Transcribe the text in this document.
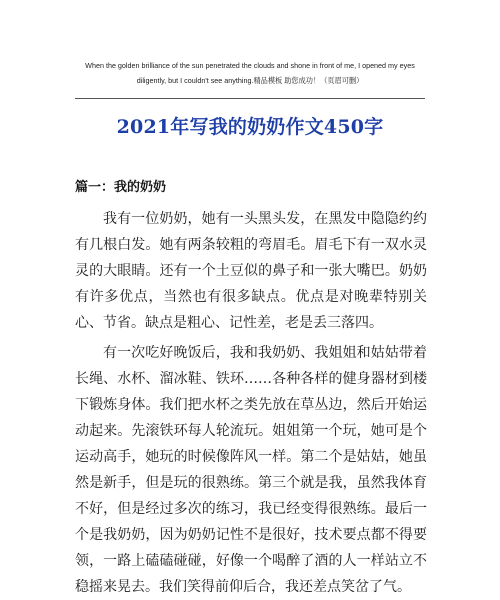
When the golden brilliance of the sun penetrated the clouds and shone in front of me, I opened my eyes
diligently, but I couldn't see anything.精品模板 助您成功！（页眉可删）
2021年写我的奶奶作文450字
篇一：我的奶奶

我有一位奶奶，她有一头黑头发，在黑发中隐隐约约有几根白发。她有两条较粗的弯眉毛。眉毛下有一双水灵灵的大眼睛。还有一个土豆似的鼻子和一张大嘴巴。奶奶有许多优点，当然也有很多缺点。优点是对晚辈特别关心、节省。缺点是粗心、记性差，老是丢三落四。

有一次吃好晚饭后，我和我奶奶、我姐姐和姑姑带着长绳、水杯、溜冰鞋、铁环……各种各样的健身器材到楼下锻炼身体。我们把水杯之类先放在草丛边，然后开始运动起来。先滚铁环每人轮流玩。姐姐第一个玩，她可是个运动高手，她玩的时候像阵风一样。第二个是姑姑，她虽然是新手，但是玩的很熟练。第三个就是我，虽然我体育不好，但是经过多次的练习，我已经变得很熟练。最后一个是我奶奶，因为奶奶记性不是很好，技术要点都不得要领，一路上磕磕碰碰，好像一个喝醉了酒的人一样站立不稳摇来晃去。我们笑得前仰后合，我还差点笑岔了气。
